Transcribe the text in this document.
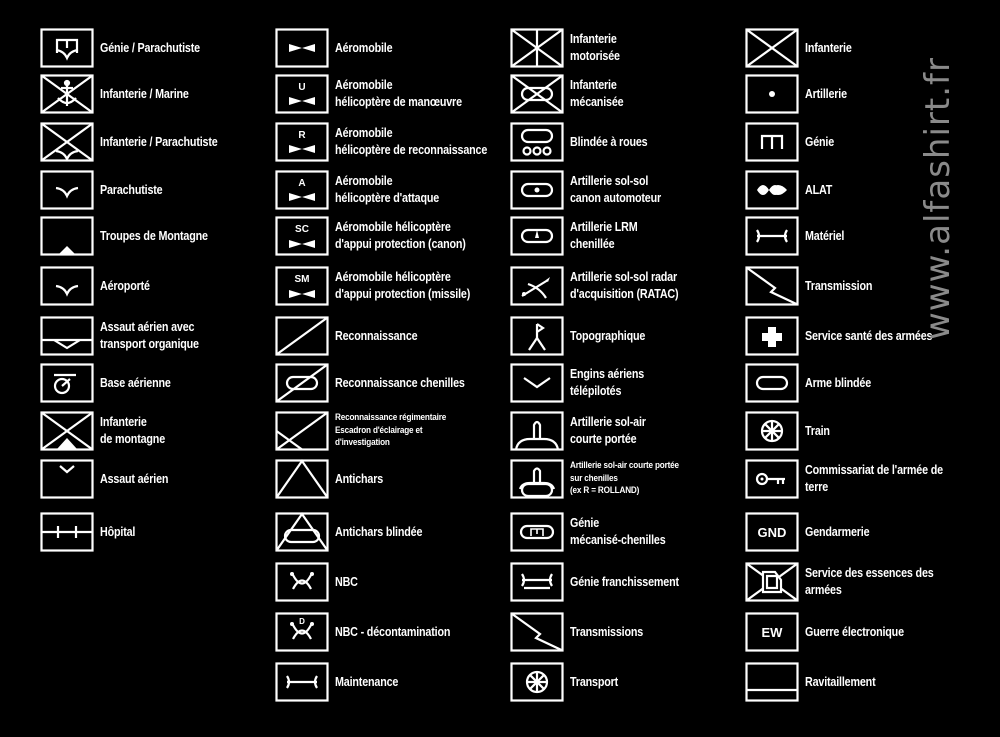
Génie / Parachutiste
Infanterie / Marine
Infanterie / Parachutiste
Parachutiste
Troupes de Montagne
Aéroporté
Assaut aérien avec
transport organique
Base aérienne
Infanterie
de montagne
Assaut aérien
Hôpital
Aéromobile
U Aéromobile
hélicoptère de manœuvre
R Aéromobile
hélicoptère de reconnaissance
A Aéromobile
hélicoptère d'attaque
SC Aéromobile hélicoptère
d'appui protection (canon)
SM Aéromobile hélicoptère
d'appui protection (missile)
Reconnaissance
Reconnaissance chenilles
Reconnaissance régimentaire
Escadron d'éclairage et
d'investigation
Antichars
Antichars blindée
NBC
D
NBC - décontamination
Maintenance
Infanterie
motorisée
Infanterie
mécanisée
Blindée à roues
Artillerie sol-sol
canon automoteur
Artillerie LRM
chenillée
Artillerie sol-sol radar
d'acquisition (RATAC)
Topographique
Engins aériens
télépilotés
Artillerie sol-air
courte portée
Artillerie sol-air courte portée
sur chenilles
(ex R = ROLLAND)
Génie
mécanisé-chenilles
Génie franchissement
Transmissions
Transport
Infanterie
Artillerie
Génie
ALAT
Matériel
Transmission
Service santé des armées
Arme blindée
Train
Commissariat de l'armée de terre
GND Gendarmerie
Service des essences des armées
EW Guerre électronique
Ravitaillement
www.alfashirt.fr
